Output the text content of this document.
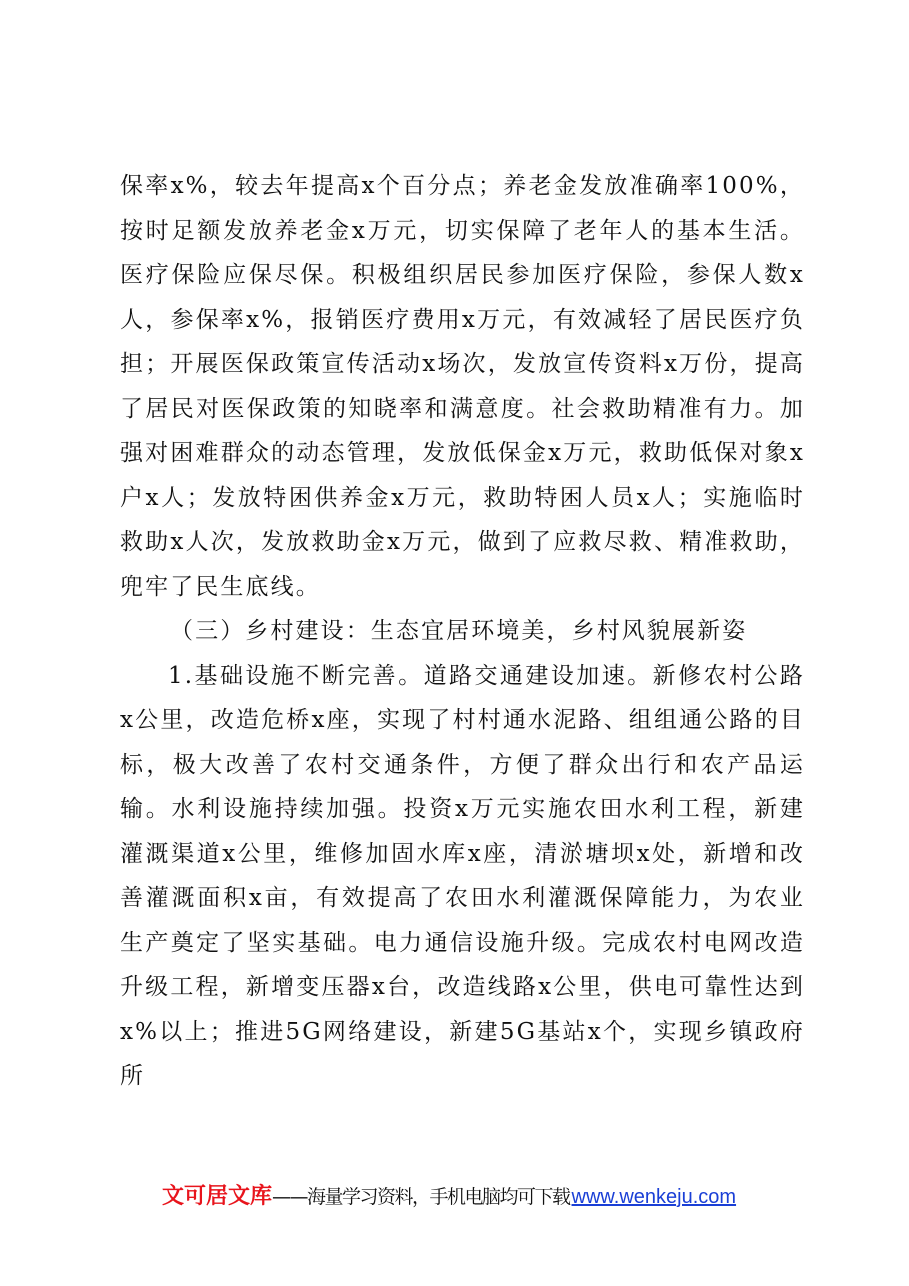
保率x%，较去年提高x个百分点；养老金发放准确率100%，按时足额发放养老金x万元，切实保障了老年人的基本生活。医疗保险应保尽保。积极组织居民参加医疗保险，参保人数x人，参保率x%，报销医疗费用x万元，有效减轻了居民医疗负担；开展医保政策宣传活动x场次，发放宣传资料x万份，提高了居民对医保政策的知晓率和满意度。社会救助精准有力。加强对困难群众的动态管理，发放低保金x万元，救助低保对象x户x人；发放特困供养金x万元，救助特困人员x人；实施临时救助x人次，发放救助金x万元，做到了应救尽救、精准救助，兜牢了民生底线。

（三）乡村建设：生态宜居环境美，乡村风貌展新姿

1.基础设施不断完善。道路交通建设加速。新修农村公路x公里，改造危桥x座，实现了村村通水泥路、组组通公路的目标，极大改善了农村交通条件，方便了群众出行和农产品运输。水利设施持续加强。投资x万元实施农田水利工程，新建灌溉渠道x公里，维修加固水库x座，清淤塘坝x处，新增和改善灌溉面积x亩，有效提高了农田水利灌溉保障能力，为农业生产奠定了坚实基础。电力通信设施升级。完成农村电网改造升级工程，新增变压器x台，改造线路x公里，供电可靠性达到x%以上；推进5G网络建设，新建5G基站x个，实现乡镇政府所

文可居文库——海量学习资料，手机电脑均可下载 www.wenkeju.com
